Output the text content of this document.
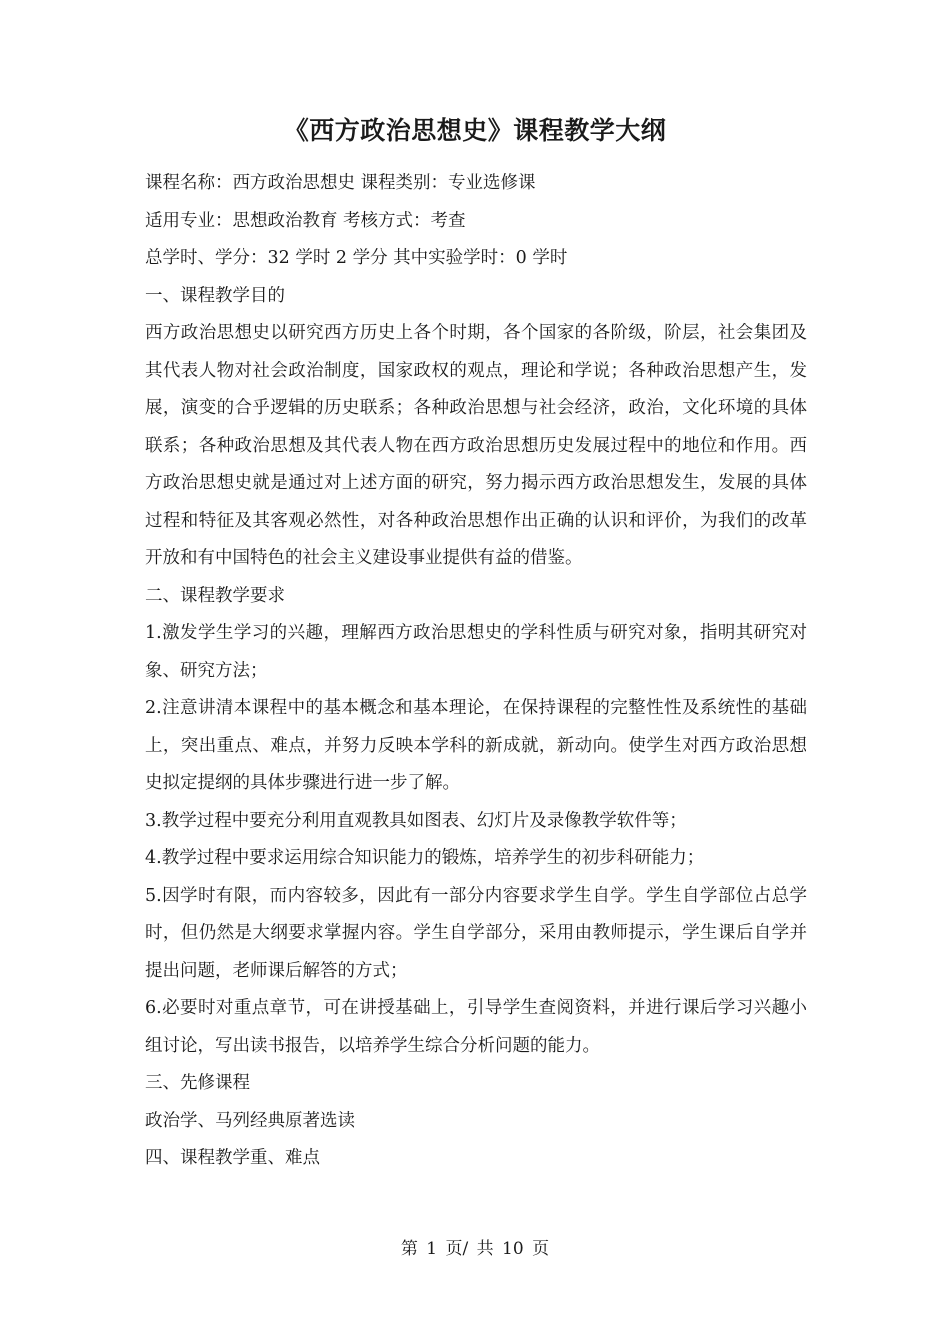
《西方政治思想史》课程教学大纲

课程名称：西方政治思想史 课程类别：专业选修课

适用专业：思想政治教育 考核方式：考查

总学时、学分：32 学时 2 学分 其中实验学时：0 学时

一、课程教学目的

西方政治思想史以研究西方历史上各个时期，各个国家的各阶级，阶层，社会集团及其代表人物对社会政治制度，国家政权的观点，理论和学说；各种政治思想产生，发展，演变的合乎逻辑的历史联系；各种政治思想与社会经济，政治，文化环境的具体联系；各种政治思想及其代表人物在西方政治思想历史发展过程中的地位和作用。西方政治思想史就是通过对上述方面的研究，努力揭示西方政治思想发生，发展的具体过程和特征及其客观必然性，对各种政治思想作出正确的认识和评价，为我们的改革开放和有中国特色的社会主义建设事业提供有益的借鉴。

二、课程教学要求

1.激发学生学习的兴趣，理解西方政治思想史的学科性质与研究对象，指明其研究对象、研究方法；

2.注意讲清本课程中的基本概念和基本理论，在保持课程的完整性性及系统性的基础上，突出重点、难点，并努力反映本学科的新成就，新动向。使学生对西方政治思想史拟定提纲的具体步骤进行进一步了解。

3.教学过程中要充分利用直观教具如图表、幻灯片及录像教学软件等；

4.教学过程中要求运用综合知识能力的锻炼，培养学生的初步科研能力；

5.因学时有限，而内容较多，因此有一部分内容要求学生自学。学生自学部位占总学时，但仍然是大纲要求掌握内容。学生自学部分，采用由教师提示，学生课后自学并提出问题，老师课后解答的方式；

6.必要时对重点章节，可在讲授基础上，引导学生查阅资料，并进行课后学习兴趣小组讨论，写出读书报告，以培养学生综合分析问题的能力。

三、先修课程

政治学、马列经典原著选读

四、课程教学重、难点

第 1 页/ 共 10 页
